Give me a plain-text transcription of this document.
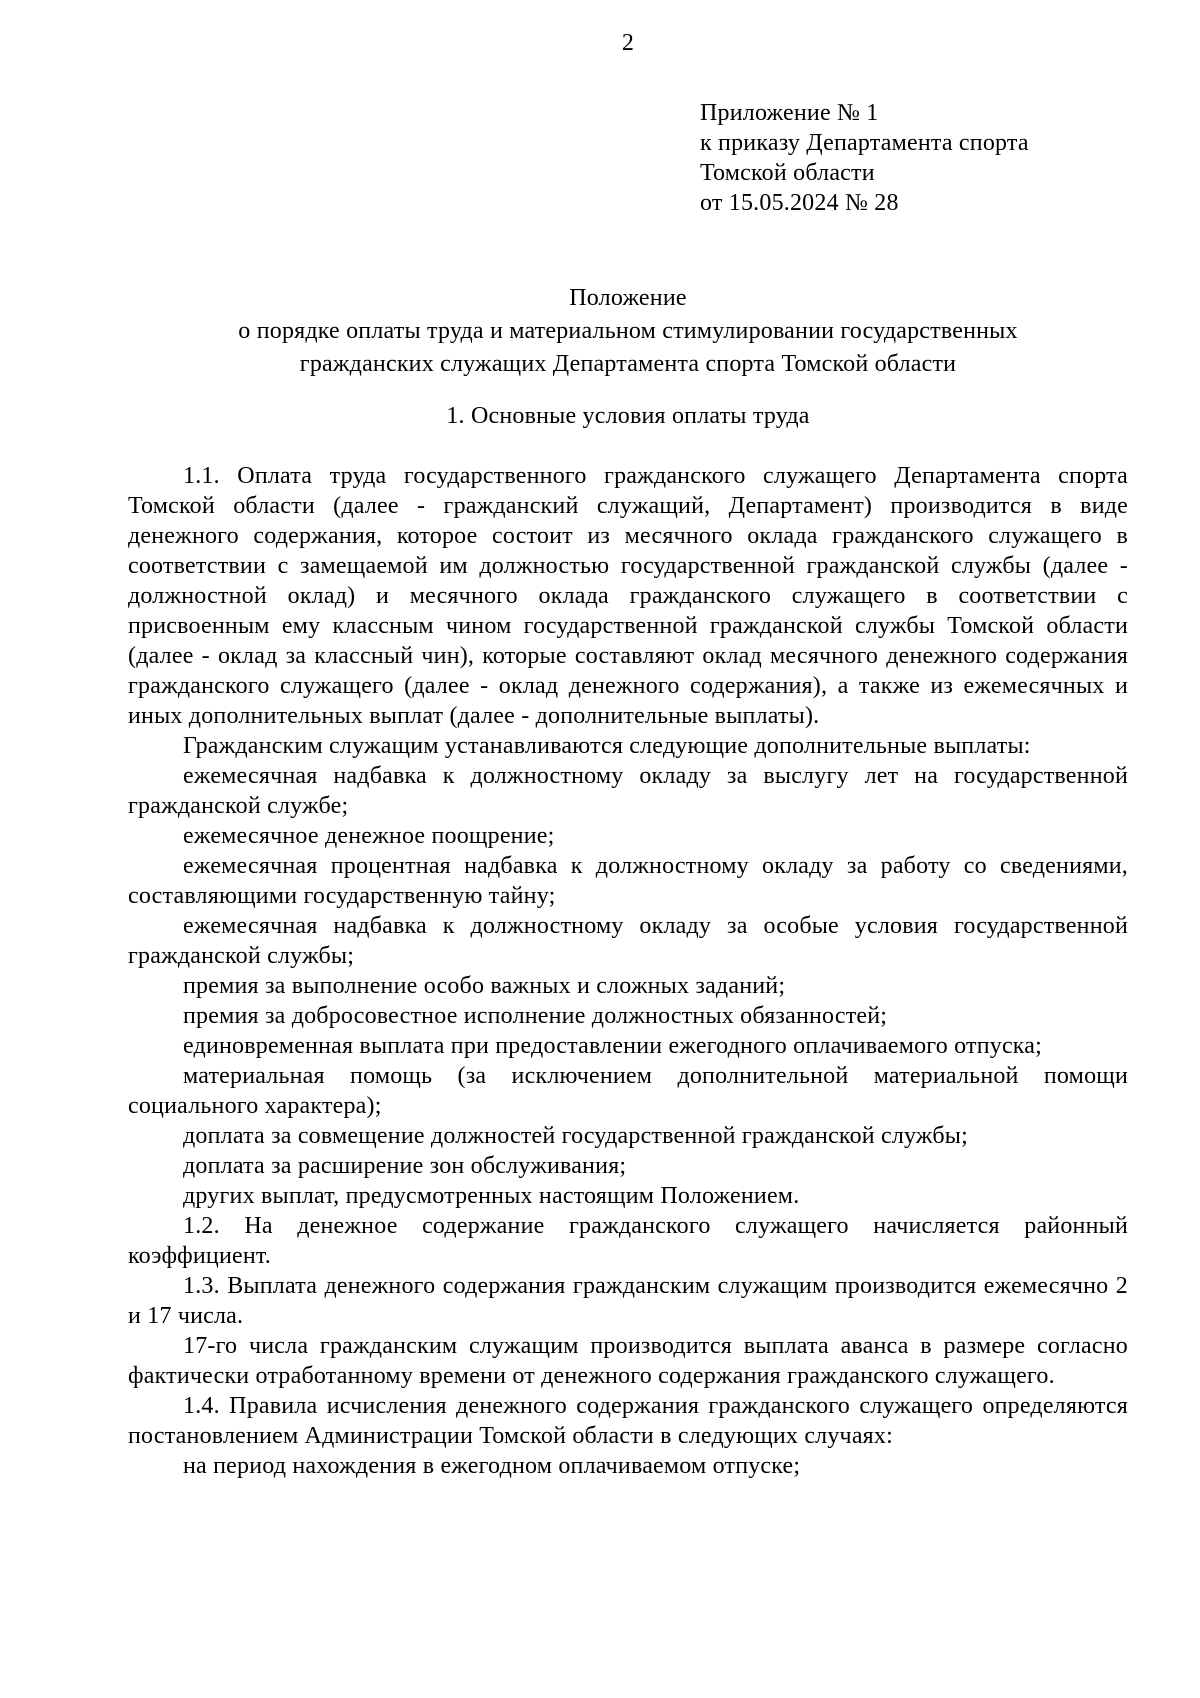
2
Приложение № 1
к приказу Департамента спорта
Томской области
от 15.05.2024 № 28
Положение
о порядке оплаты труда и материальном стимулировании государственных
гражданских служащих Департамента спорта Томской области
1. Основные условия оплаты труда

1.1. Оплата труда государственного гражданского служащего Департамента спорта Томской области (далее - гражданский служащий, Департамент) производится в виде денежного содержания, которое состоит из месячного оклада гражданского служащего в соответствии с замещаемой им должностью государственной гражданской службы (далее - должностной оклад) и месячного оклада гражданского служащего в соответствии с присвоенным ему классным чином государственной гражданской службы Томской области (далее - оклад за классный чин), которые составляют оклад месячного денежного содержания гражданского служащего (далее - оклад денежного содержания), а также из ежемесячных и иных дополнительных выплат (далее - дополнительные выплаты).

Гражданским служащим устанавливаются следующие дополнительные выплаты:

ежемесячная надбавка к должностному окладу за выслугу лет на государственной гражданской службе;

ежемесячное денежное поощрение;

ежемесячная процентная надбавка к должностному окладу за работу со сведениями, составляющими государственную тайну;

ежемесячная надбавка к должностному окладу за особые условия государственной гражданской службы;

премия за выполнение особо важных и сложных заданий;

премия за добросовестное исполнение должностных обязанностей;

единовременная выплата при предоставлении ежегодного оплачиваемого отпуска;

материальная помощь (за исключением дополнительной материальной помощи социального характера);

доплата за совмещение должностей государственной гражданской службы;

доплата за расширение зон обслуживания;

других выплат, предусмотренных настоящим Положением.

1.2. На денежное содержание гражданского служащего начисляется районный коэффициент.

1.3. Выплата денежного содержания гражданским служащим производится ежемесячно 2 и 17 числа.

17-го числа гражданским служащим производится выплата аванса в размере согласно фактически отработанному времени от денежного содержания гражданского служащего.

1.4. Правила исчисления денежного содержания гражданского служащего определяются постановлением Администрации Томской области в следующих случаях:

на период нахождения в ежегодном оплачиваемом отпуске;
